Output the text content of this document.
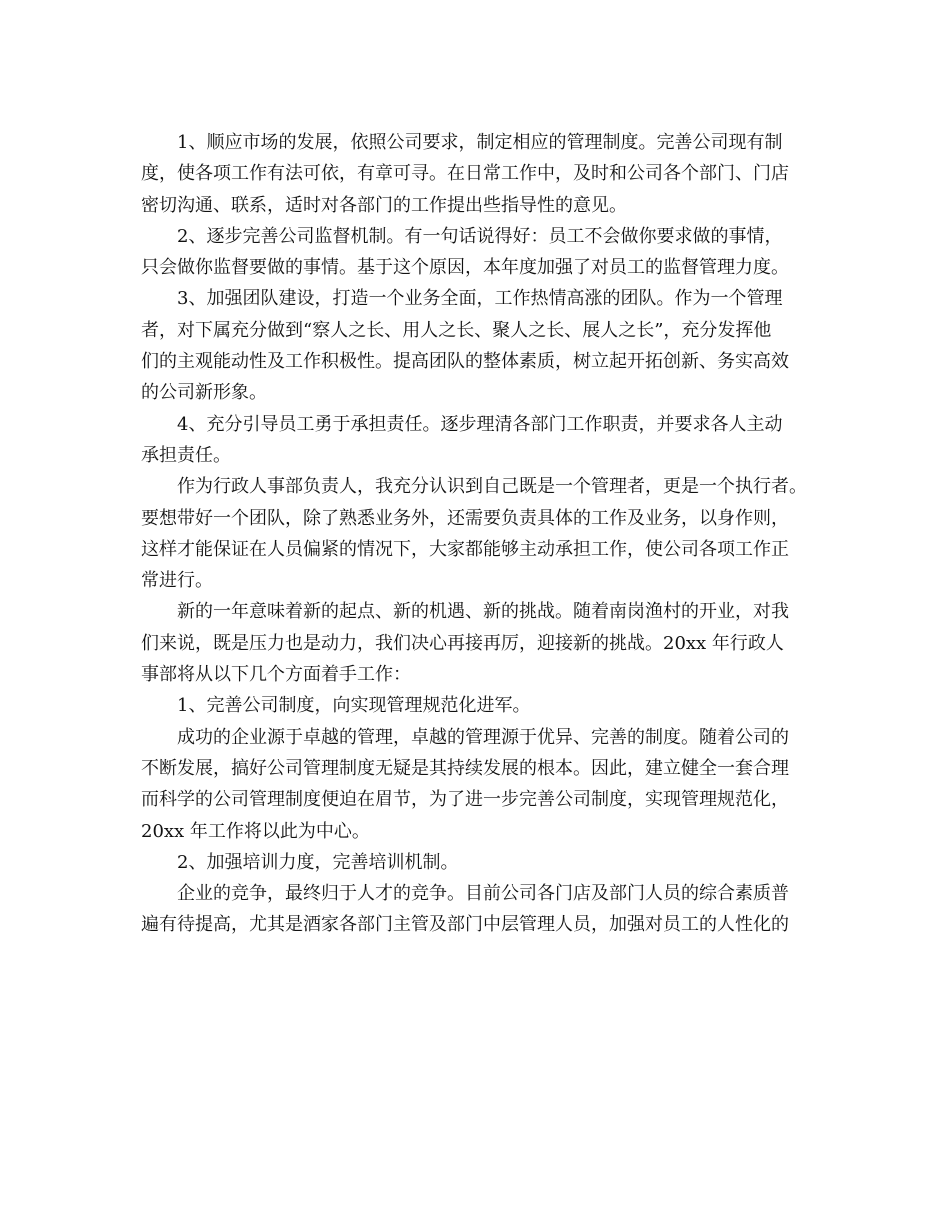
1、顺应市场的发展，依照公司要求，制定相应的管理制度。完善公司现有制
度，使各项工作有法可依，有章可寻。在日常工作中，及时和公司各个部门、门店
密切沟通、联系，适时对各部门的工作提出些指导性的意见。
2、逐步完善公司监督机制。有一句话说得好：员工不会做你要求做的事情，
只会做你监督要做的事情。基于这个原因，本年度加强了对员工的监督管理力度。
3、加强团队建设，打造一个业务全面，工作热情高涨的团队。作为一个管理
者，对下属充分做到“察人之长、用人之长、聚人之长、展人之长”，充分发挥他
们的主观能动性及工作积极性。提高团队的整体素质，树立起开拓创新、务实高效
的公司新形象。
4、充分引导员工勇于承担责任。逐步理清各部门工作职责，并要求各人主动
承担责任。
作为行政人事部负责人，我充分认识到自己既是一个管理者，更是一个执行者。
要想带好一个团队，除了熟悉业务外，还需要负责具体的工作及业务，以身作则，
这样才能保证在人员偏紧的情况下，大家都能够主动承担工作，使公司各项工作正
常进行。
新的一年意味着新的起点、新的机遇、新的挑战。随着南岗渔村的开业，对我
们来说，既是压力也是动力，我们决心再接再厉，迎接新的挑战。20xx 年行政人
事部将从以下几个方面着手工作：
1、完善公司制度，向实现管理规范化进军。
成功的企业源于卓越的管理，卓越的管理源于优异、完善的制度。随着公司的
不断发展，搞好公司管理制度无疑是其持续发展的根本。因此，建立健全一套合理
而科学的公司管理制度便迫在眉节，为了进一步完善公司制度，实现管理规范化，
20xx 年工作将以此为中心。
2、加强培训力度，完善培训机制。
企业的竞争，最终归于人才的竞争。目前公司各门店及部门人员的综合素质普
遍有待提高，尤其是酒家各部门主管及部门中层管理人员，加强对员工的人性化的
